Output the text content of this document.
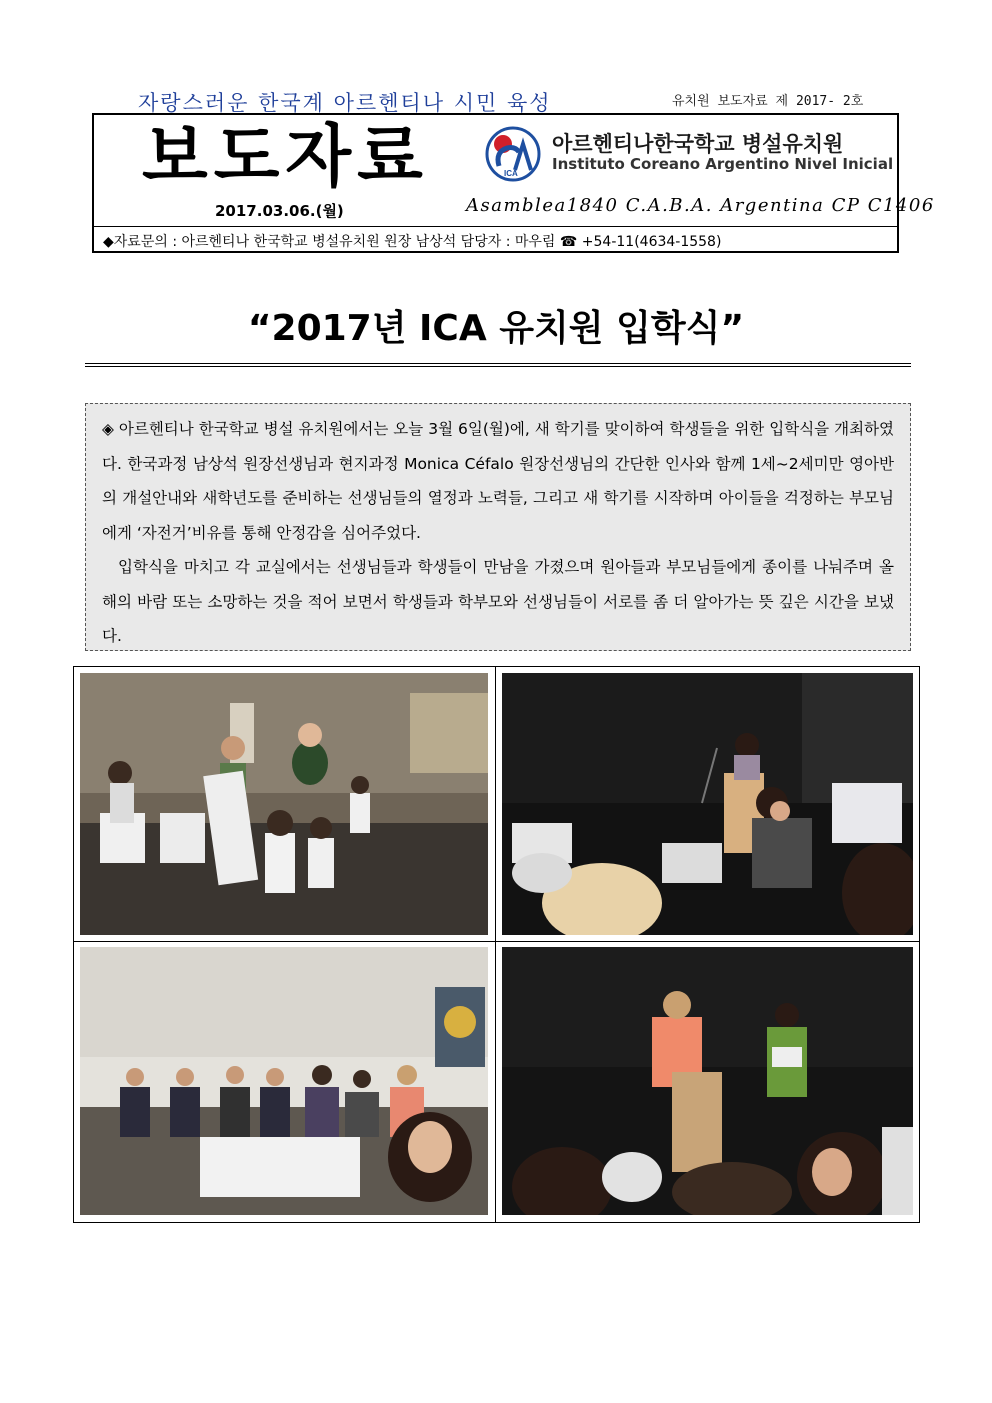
자랑스러운 한국계 아르헨티나 시민 육성	유치원 보도자료 제 2017- 2호
보도자료
2017.03.06.(월)
ICA
아르헨티나한국학교 병설유치원
Instituto Coreano Argentino Nivel Inicial
Asamblea1840 C.A.B.A. Argentina CP C1406
◆자료문의 : 아르헨티나 한국학교 병설유치원 원장 남상석 담당자 : 마우림 ☎ +54-11(4634-1558)
“2017년 ICA 유치원 입학식”

◈ 아르헨티나 한국학교 병설 유치원에서는 오늘 3월 6일(월)에, 새 학기를 맞이하여 학생들을 위한 입학식을 개최하였다. 한국과정 남상석 원장선생님과 현지과정 Monica Céfalo 원장선생님의 간단한 인사와 함께 1세~2세미만 영아반의 개설안내와 새학년도를 준비하는 선생님들의 열정과 노력들, 그리고 새 학기를 시작하며 아이들을 걱정하는 부모님에게 ‘자전거’비유를 통해 안정감을 심어주었다.

입학식을 마치고 각 교실에서는 선생님들과 학생들이 만남을 가졌으며 원아들과 부모님들에게 종이를 나눠주며 올해의 바람 또는 소망하는 것을 적어 보면서 학생들과 학부모와 선생님들이 서로를 좀 더 알아가는 뜻 깊은 시간을 보냈다.
